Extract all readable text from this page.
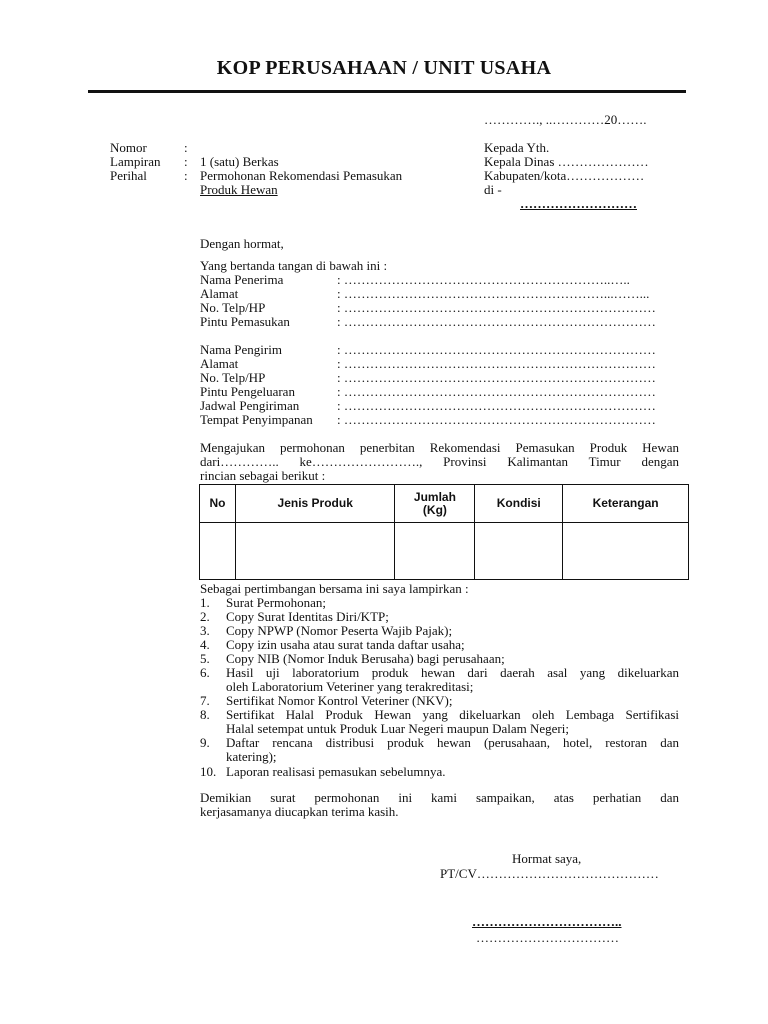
KOP PERUSAHAAN / UNIT USAHA
…………., ..…………20…….
Nomor	:
Lampiran : 1 (satu) Berkas
Perihal	: Permohonan Rekomendasi Pemasukan
Produk Hewan
Kepada Yth.
Kepala Dinas …………………
Kabupaten/kota………………
di -
………………………
Dengan hormat,
Yang bertanda tangan di bawah ini :
Nama Penerima	: ……………………………………………………..…..
Alamat	: ……………………………………………………...……...
No. Telp/HP	: ………………………………………………………………
Pintu Pemasukan	: ………………………………………………………………
Nama Pengirim	: ………………………………………………………………
Alamat	: ………………………………………………………………
No. Telp/HP	: ………………………………………………………………
Pintu Pengeluaran	: ………………………………………………………………
Jadwal Pengiriman	: ………………………………………………………………
Tempat Penyimpanan : ………………………………………………………………
Mengajukan permohonan penerbitan Rekomendasi Pemasukan Produk Hewan
dari………….. ke……………………., Provinsi Kalimantan Timur dengan
rincian sebagai berikut :
No	Jenis Produk	Jumlah (Kg)	Kondisi	Keterangan

Sebagai pertimbangan bersama ini saya lampirkan :
1. Surat Permohonan;
2. Copy Surat Identitas Diri/KTP;
3. Copy NPWP (Nomor Peserta Wajib Pajak);
4. Copy izin usaha atau surat tanda daftar usaha;
5. Copy NIB (Nomor Induk Berusaha) bagi perusahaan;
6. Hasil uji laboratorium produk hewan dari daerah asal yang dikeluarkan
oleh Laboratorium Veteriner yang terakreditasi;
7. Sertifikat Nomor Kontrol Veteriner (NKV);
8. Sertifikat Halal Produk Hewan yang dikeluarkan oleh Lembaga Sertifikasi
Halal setempat untuk Produk Luar Negeri maupun Dalam Negeri;
9. Daftar rencana distribusi produk hewan (perusahaan, hotel, restoran dan
katering);
10. Laporan realisasi pemasukan sebelumnya.
Demikian surat permohonan ini kami sampaikan, atas perhatian dan
kerjasamanya diucapkan terima kasih.
Hormat saya,
PT/CV……………………………………
……………………………..
……………………………
